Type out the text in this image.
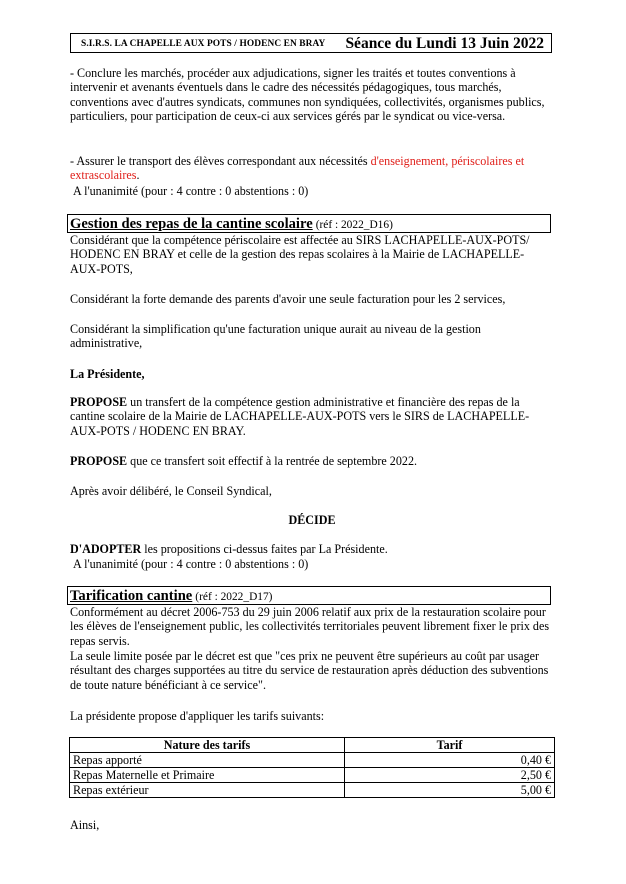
S.I.R.S. LA CHAPELLE AUX POTS / HODENC EN BRAY Séance du Lundi 13 Juin 2022

- Conclure les marchés, procéder aux adjudications, signer les traités et toutes conventions à intervenir et avenants éventuels dans le cadre des nécessités pédagogiques, tous marchés, conventions avec d'autres syndicats, communes non syndiquées, collectivités, organismes publics, particuliers, pour participation de ceux-ci aux services gérés par le syndicat ou vice-versa.

- Assurer le transport des élèves correspondant aux nécessités d'enseignement, périscolaires et extrascolaires.

A l'unanimité (pour : 4 contre : 0 abstentions : 0)

Gestion des repas de la cantine scolaire (réf : 2022_D16)

Considérant que la compétence périscolaire est affectée au SIRS LACHAPELLE-AUX-POTS/ HODENC EN BRAY et celle de la gestion des repas scolaires à la Mairie de LACHAPELLE-AUX-POTS,

Considérant la forte demande des parents d'avoir une seule facturation pour les 2 services,

Considérant la simplification qu'une facturation unique aurait au niveau de la gestion administrative,

La Présidente,

PROPOSE un transfert de la compétence gestion administrative et financière des repas de la cantine scolaire de la Mairie de LACHAPELLE-AUX-POTS vers le SIRS de LACHAPELLE-AUX-POTS / HODENC EN BRAY.

PROPOSE que ce transfert soit effectif à la rentrée de septembre 2022.

Après avoir délibéré, le Conseil Syndical,

DÉCIDE

D'ADOPTER les propositions ci-dessus faites par La Présidente.

A l'unanimité (pour : 4 contre : 0 abstentions : 0)

Tarification cantine (réf : 2022_D17)

Conformément au décret 2006-753 du 29 juin 2006 relatif aux prix de la restauration scolaire pour les élèves de l'enseignement public, les collectivités territoriales peuvent librement fixer le prix des repas servis.

La seule limite posée par le décret est que "ces prix ne peuvent être supérieurs au coût par usager résultant des charges supportées au titre du service de restauration après déduction des subventions de toute nature bénéficiant à ce service".

La présidente propose d'appliquer les tarifs suivants:

Nature des tarifs	Tarif
Repas apporté	0,40 €
Repas Maternelle et Primaire	2,50 €
Repas extérieur	5,00 €

Ainsi,
